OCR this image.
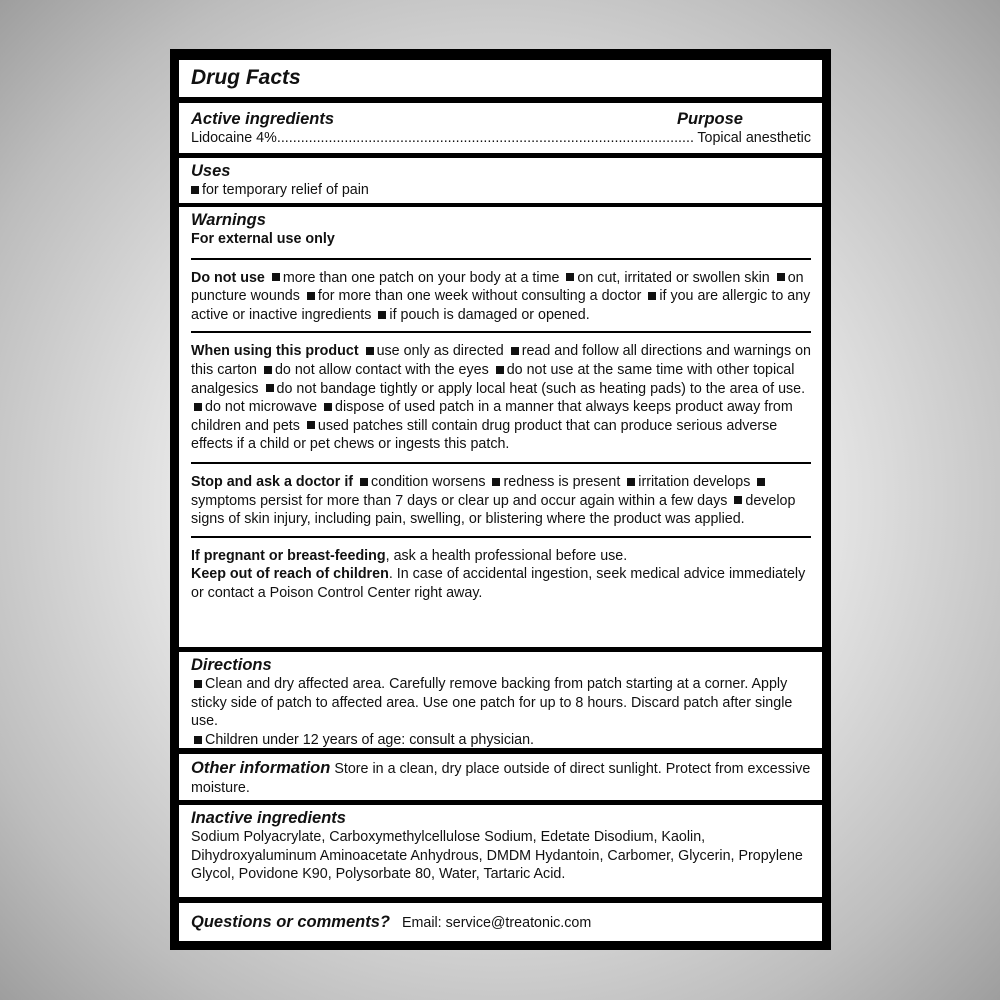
Drug Facts
Active ingredients	Purpose
Lidocaine 4%
.....	Topical anesthetic
Uses
for temporary relief of pain
Warnings
For external use only
Do not use more than one patch on your body at a time on cut, irritated or swollen skin on puncture wounds for more than one week without consulting a doctor if you are allergic to any active or inactive ingredients if pouch is damaged or opened.
When using this product use only as directed read and follow all directions and warnings on this carton do not allow contact with the eyes do not use at the same time with other topical analgesics do not bandage tightly or apply local heat (such as heating pads) to the area of use. do not microwave dispose of used patch in a manner that always keeps product away from children and pets used patches still contain drug product that can produce serious adverse effects if a child or pet chews or ingests this patch.
Stop and ask a doctor if condition worsens redness is present irritation develops symptoms persist for more than 7 days or clear up and occur again within a few days develop signs of skin injury, including pain, swelling, or blistering where the product was applied.
If pregnant or breast-feeding, ask a health professional before use.
Keep out of reach of children. In case of accidental ingestion, seek medical advice immediately or contact a Poison Control Center right away.
Directions
Clean and dry affected area. Carefully remove backing from patch starting at a corner. Apply sticky side of patch to affected area. Use one patch for up to 8 hours. Discard patch after single use.
Children under 12 years of age: consult a physician.
Other information Store in a clean, dry place outside of direct sunlight. Protect from excessive moisture.
Inactive ingredients
Sodium Polyacrylate, Carboxymethylcellulose Sodium, Edetate Disodium, Kaolin, Dihydroxyaluminum Aminoacetate Anhydrous, DMDM Hydantoin, Carbomer, Glycerin, Propylene Glycol, Povidone K90, Polysorbate 80, Water, Tartaric Acid.
Questions or comments? Email: service@treatonic.com
